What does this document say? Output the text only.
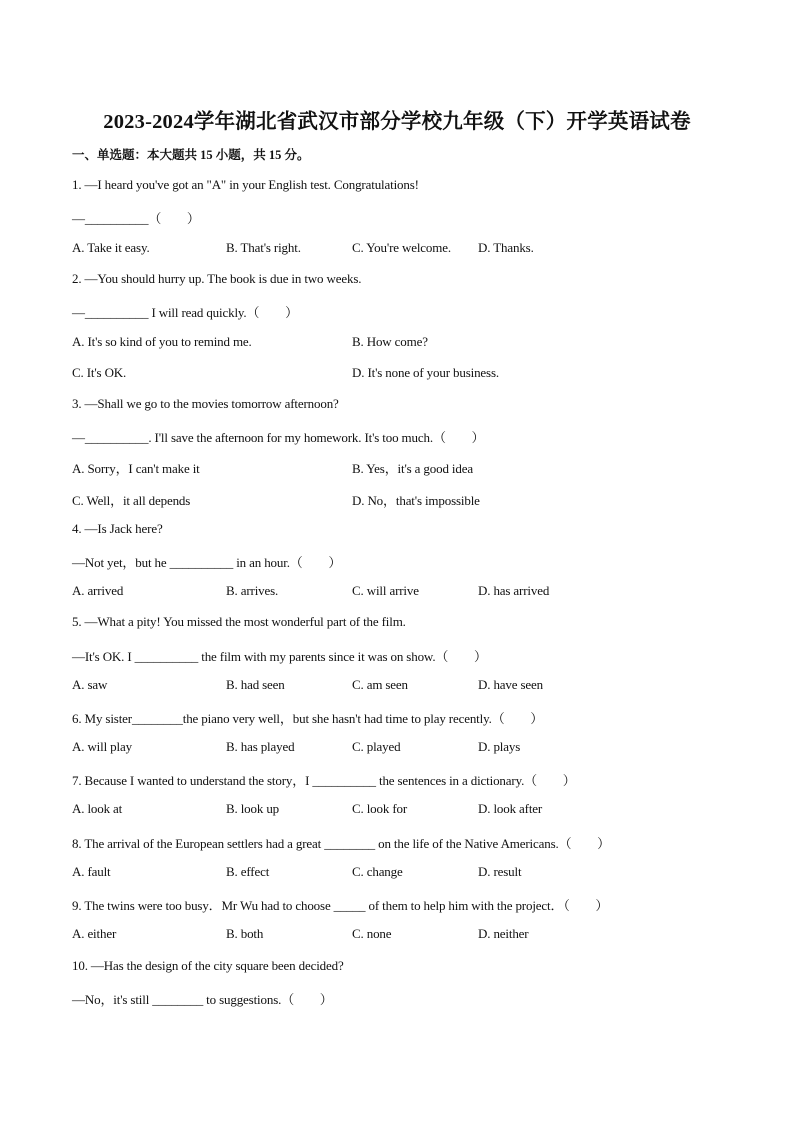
2023-2024学年湖北省武汉市部分学校九年级（下）开学英语试卷
一、单选题：本大题共 15 小题，共 15 分。
1. —I heard you've got an "A" in your English test. Congratulations!
—__________（　　）
A. Take it easy.	B. That's right.	C. You're welcome. D. Thanks.
2. —You should hurry up. The book is due in two weeks.
—__________ I will read quickly.（　　）
A. It's so kind of you to remind me.	B. How come?
C. It's OK.	D. It's none of your business.
3. —Shall we go to the movies tomorrow afternoon?
—__________. I'll save the afternoon for my homework. It's too much.（　　）
A. Sorry，I can't make it	B. Yes，it's a good idea
C. Well，it all depends	D. No，that's impossible
4. —Is Jack here?
—Not yet，but he __________ in an hour.（　　）
A. arrived	B. arrives.	C. will arrive	D. has arrived
5. —What a pity! You missed the most wonderful part of the film.
—It's OK. I __________ the film with my parents since it was on show.（　　）
A. saw	B. had seen	C. am seen	D. have seen
6. My sister________the piano very well，but she hasn't had time to play recently.（　　）
A. will play	B. has played	C. played	D. plays
7. Because I wanted to understand the story，I __________ the sentences in a dictionary.（　　）
A. look at	B. look up	C. look for	D. look after
8. The arrival of the European settlers had a great ________ on the life of the Native Americans.（　　）
A. fault	B. effect	C. change	D. result
9. The twins were too busy．Mr Wu had to choose _____ of them to help him with the project．（　　）
A. either	B. both	C. none	D. neither
10. —Has the design of the city square been decided?
—No，it's still ________ to suggestions.（　　）
